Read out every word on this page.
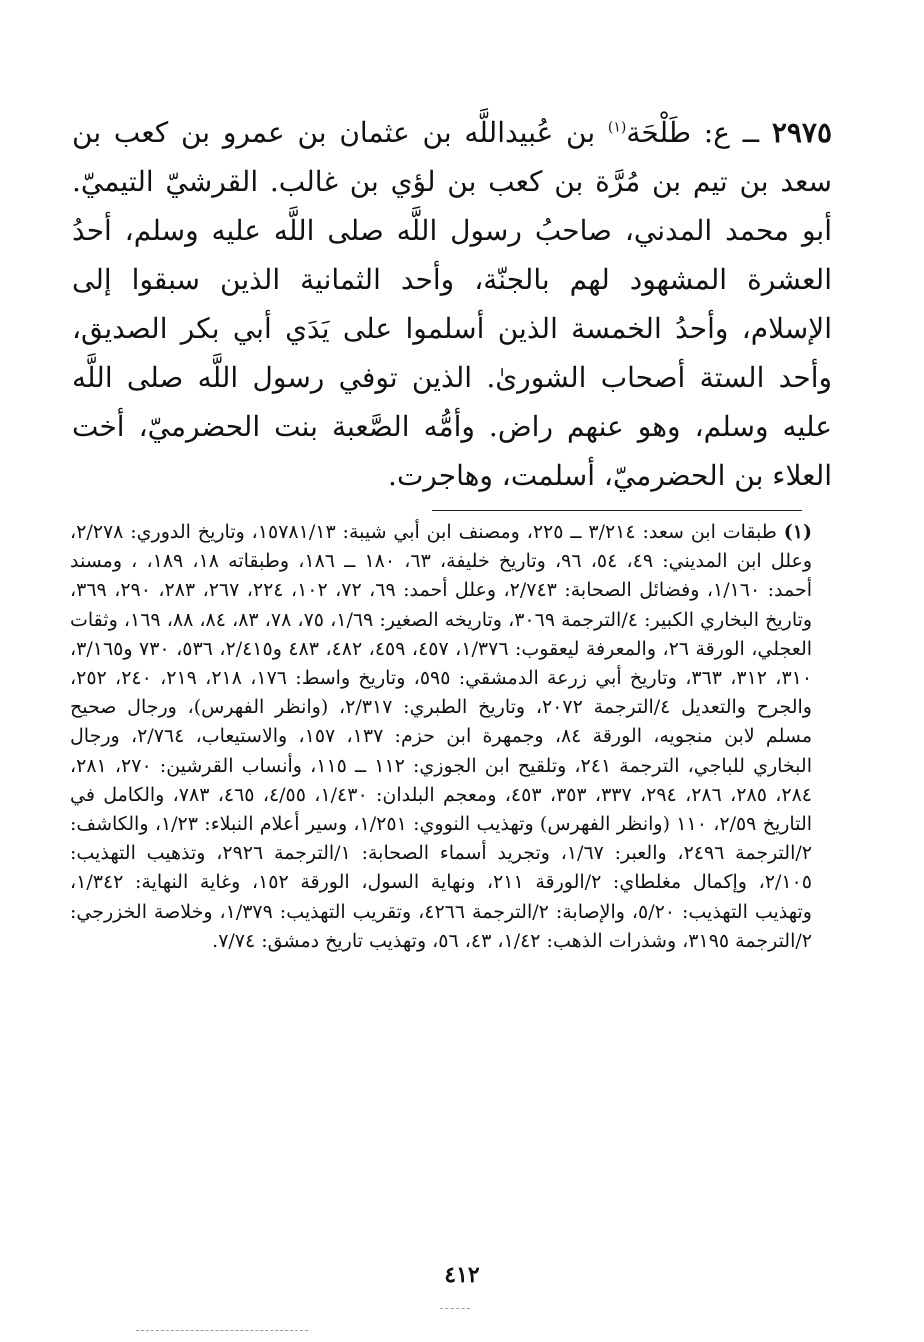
٢٩٧٥ ــ ع: طَلْحَة$^{(١)}$ بن عُبيداللَّه بن عثمان بن عمرو بن كعب بن سعد بن تيم بن مُرَّة بن كعب بن لؤي بن غالب. القرشيّ التيميّ. أبو محمد المدني، صاحبُ رسول اللَّه صلى اللَّه عليه وسلم، أحدُ العشرة المشهود لهم بالجنّة، وأحد الثمانية الذين سبقوا إلى الإسلام، وأحدُ الخمسة الذين أسلموا على يَدَي أبي بكر الصديق، وأحد الستة أصحاب الشورىٰ. الذين توفي رسول اللَّه صلى اللَّه عليه وسلم، وهو عنهم راض. وأمُّه الصَّعبة بنت الحضرميّ، أخت العلاء بن الحضرميّ، أسلمت، وهاجرت.

(١) طبقات ابن سعد: ٣/٢١٤ ــ ٢٢٥، ومصنف ابن أبي شيبة: ١٥٧٨١/١٣، وتاريخ الدوري: ٢/٢٧٨، وعلل ابن المديني: ٤٩، ٥٤، ٩٦، وتاريخ خليفة، ٦٣، ١٨٠ ــ ١٨٦، وطبقاته ١٨، ١٨٩، ، ومسند أحمد: ١/١٦٠، وفضائل الصحابة: ٢/٧٤٣، وعلل أحمد: ٦٩، ٧٢، ١٠٢، ٢٢٤، ٢٦٧، ٢٨٣، ٢٩٠، ٣٦٩، وتاريخ البخاري الكبير: ٤/الترجمة ٣٠٦٩، وتاريخه الصغير: ١/٦٩، ٧٥، ٧٨، ٨٣، ٨٤، ٨٨، ١٦٩، وثقات العجلي، الورقة ٢٦، والمعرفة ليعقوب: ١/٣٧٦، ٤٥٧، ٤٥٩، ٤٨٢، ٤٨٣ و٢/٤١٥، ٥٣٦، ٧٣٠ و٣/١٦٥، ٣١٠، ٣١٢، ٣٦٣، وتاريخ أبي زرعة الدمشقي: ٥٩٥، وتاريخ واسط: ١٧٦، ٢١٨، ٢١٩، ٢٤٠، ٢٥٢، والجرح والتعديل ٤/الترجمة ٢٠٧٢، وتاريخ الطبري: ٢/٣١٧، (وانظر الفهرس)، ورجال صحيح مسلم لابن منجويه، الورقة ٨٤، وجمهرة ابن حزم: ١٣٧، ١٥٧، والاستيعاب، ٢/٧٦٤، ورجال البخاري للباجي، الترجمة ٢٤١، وتلقيح ابن الجوزي: ١١٢ ــ ١١٥، وأنساب القرشين: ٢٧٠، ٢٨١، ٢٨٤، ٢٨٥، ٢٨٦، ٢٩٤، ٣٣٧، ٣٥٣، ٤٥٣، ومعجم البلدان: ١/٤٣٠، ٤/٥٥، ٤٦٥، ٧٨٣، والكامل في التاريخ ٢/٥٩، ١١٠ (وانظر الفهرس) وتهذيب النووي: ١/٢٥١، وسير أعلام النبلاء: ١/٢٣، والكاشف: ٢/الترجمة ٢٤٩٦، والعبر: ١/٦٧، وتجريد أسماء الصحابة: ١/الترجمة ٢٩٢٦، وتذهيب التهذيب: ٢/١٠٥، وإكمال مغلطاي: ٢/الورقة ٢١١، ونهاية السول، الورقة ١٥٢، وغاية النهاية: ١/٣٤٢، وتهذيب التهذيب: ٥/٢٠، والإصابة: ٢/الترجمة ٤٢٦٦، وتقريب التهذيب: ١/٣٧٩، وخلاصة الخزرجي: ٢/الترجمة ٣١٩٥، وشذرات الذهب: ١/٤٢، ٤٣، ٥٦، وتهذيب تاريخ دمشق: ٧/٧٤.

٤١٢
